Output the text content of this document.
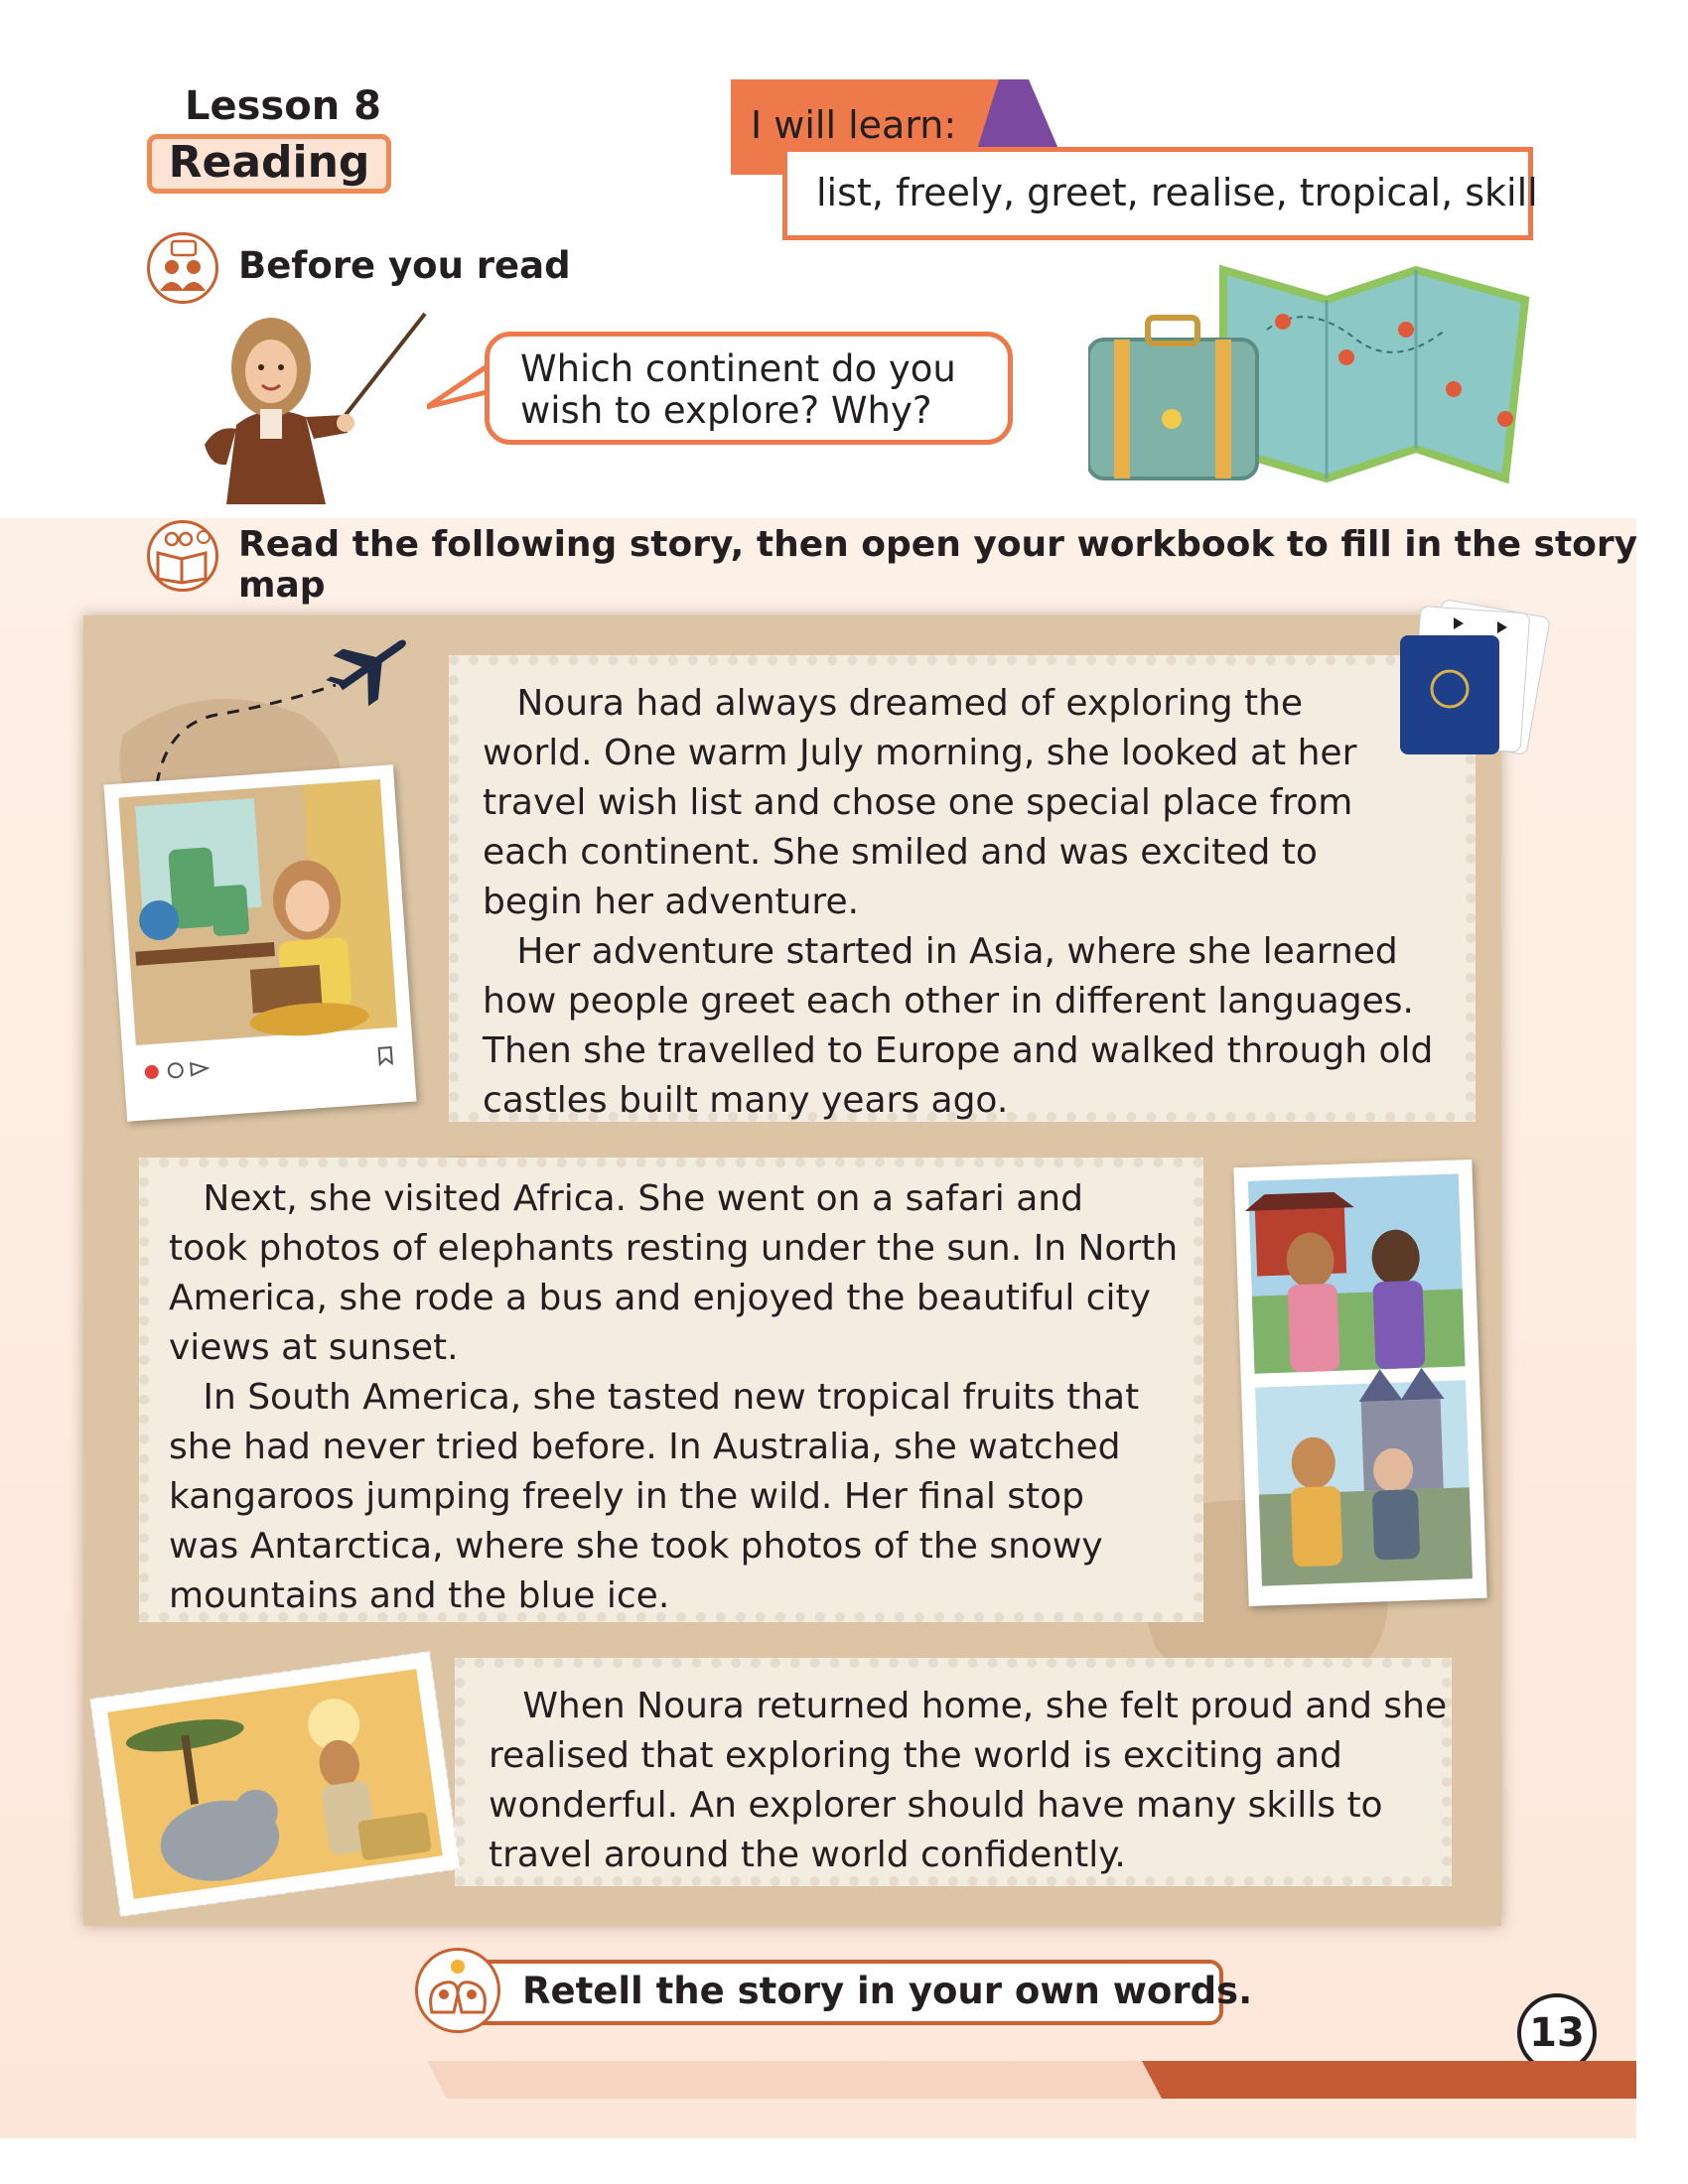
Lesson 8
Reading
I will learn:
list, freely, greet, realise, tropical, skill
Before you read
Which continent do you
wish to explore? Why?
Read the following story, then open your workbook to fill in the story map
Noura had always dreamed of exploring the
world. One warm July morning, she looked at her
travel wish list and chose one special place from
each continent. She smiled and was excited to
begin her adventure.
Her adventure started in Asia, where she learned
how people greet each other in different languages.
Then she travelled to Europe and walked through old
castles built many years ago.
Next, she visited Africa. She went on a safari and
took photos of elephants resting under the sun. In North
America, she rode a bus and enjoyed the beautiful city
views at sunset.
In South America, she tasted new tropical fruits that
she had never tried before. In Australia, she watched
kangaroos jumping freely in the wild. Her final stop
was Antarctica, where she took photos of the snowy
mountains and the blue ice.
When Noura returned home, she felt proud and she
realised that exploring the world is exciting and
wonderful. An explorer should have many skills to
travel around the world confidently.
Retell the story in your own words.
13
